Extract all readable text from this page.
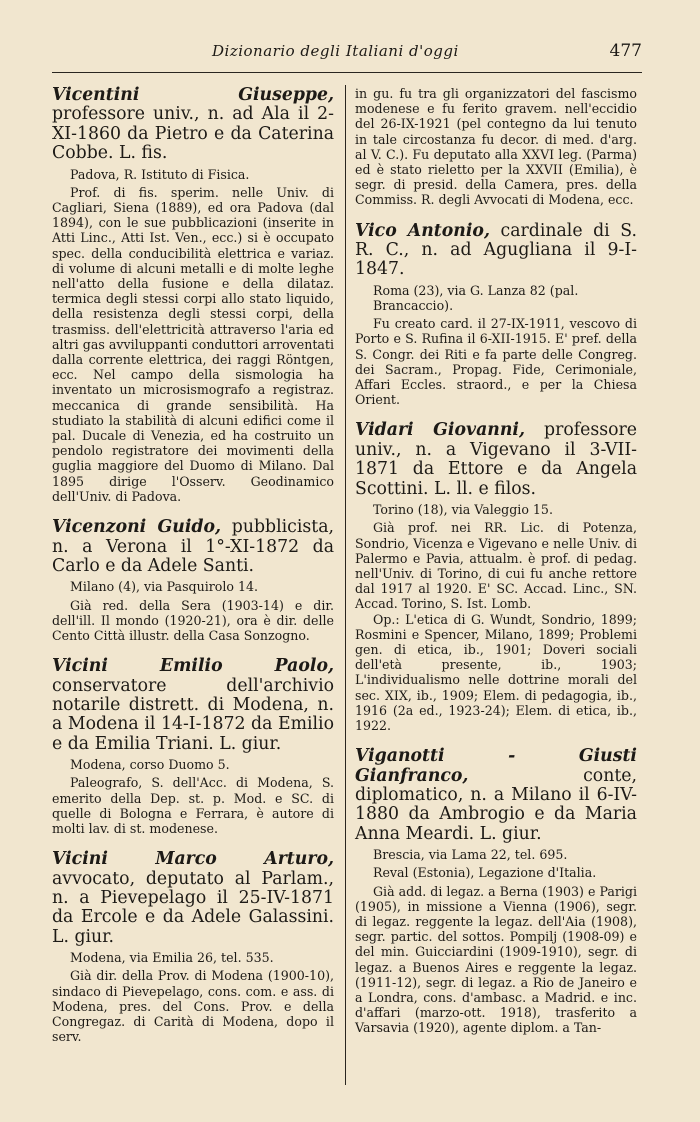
Dizionario degli Italiani d'oggi	477

Vicentini Giuseppe, professore univ., n. ad Ala il 2-XI-1860 da Pietro e da Caterina Cobbe. L. fis.

Padova, R. Istituto di Fisica.

Prof. di fis. sperim. nelle Univ. di Cagliari, Siena (1889), ed ora Padova (dal 1894), con le sue pubblicazioni (inserite in Atti Linc., Atti Ist. Ven., ecc.) si è occupato spec. della conducibilità elettrica e variaz. di volume di alcuni metalli e di molte leghe nell'atto della fusione e della dilataz. termica degli stessi corpi allo stato liquido, della resistenza degli stessi corpi, della trasmiss. dell'elettricità attraverso l'aria ed altri gas avviluppanti conduttori arroventati dalla corrente elettrica, dei raggi Röntgen, ecc. Nel campo della sismologia ha inventato un microsismografo a registraz. meccanica di grande sensibilità. Ha studiato la stabilità di alcuni edifici come il pal. Ducale di Venezia, ed ha costruito un pendolo registratore dei movimenti della guglia maggiore del Duomo di Milano. Dal 1895 dirige l'Osserv. Geodinamico dell'Univ. di Padova.

Vicenzoni Guido, pubblicista, n. a Verona il 1°-XI-1872 da Carlo e da Adele Santi.

Milano (4), via Pasquirolo 14.

Già red. della Sera (1903-14) e dir. dell'ill. Il mondo (1920-21), ora è dir. delle Cento Città illustr. della Casa Sonzogno.

Vicini Emilio Paolo, conservatore dell'archivio notarile distrett. di Modena, n. a Modena il 14-I-1872 da Emilio e da Emilia Triani. L. giur.

Modena, corso Duomo 5.

Paleografo, S. dell'Acc. di Modena, S. emerito della Dep. st. p. Mod. e SC. di quelle di Bologna e Ferrara, è autore di molti lav. di st. modenese.

Vicini Marco Arturo, avvocato, deputato al Parlam., n. a Pievepelago il 25-IV-1871 da Ercole e da Adele Galassini. L. giur.

Modena, via Emilia 26, tel. 535.

Già dir. della Prov. di Modena (1900-10), sindaco di Pievepelago, cons. com. e ass. di Modena, pres. del Cons. Prov. e della Congregaz. di Carità di Modena, dopo il serv.

in gu. fu tra gli organizzatori del fascismo modenese e fu ferito gravem. nell'eccidio del 26-IX-1921 (pel contegno da lui tenuto in tale circostanza fu decor. di med. d'arg. al V. C.). Fu deputato alla XXVI leg. (Parma) ed è stato rieletto per la XXVII (Emilia), è segr. di presid. della Camera, pres. della Commiss. R. degli Avvocati di Modena, ecc.

Vico Antonio, cardinale di S. R. C., n. ad Agugliana il 9-I-1847.

Roma (23), via G. Lanza 82 (pal. Brancaccio).

Fu creato card. il 27-IX-1911, vescovo di Porto e S. Rufina il 6-XII-1915. E' pref. della S. Congr. dei Riti e fa parte delle Congreg. dei Sacram., Propag. Fide, Cerimoniale, Affari Eccles. straord., e per la Chiesa Orient.

Vidari Giovanni, professore univ., n. a Vigevano il 3-VII-1871 da Ettore e da Angela Scottini. L. ll. e filos.

Torino (18), via Valeggio 15.

Già prof. nei RR. Lic. di Potenza, Sondrio, Vicenza e Vigevano e nelle Univ. di Palermo e Pavia, attualm. è prof. di pedag. nell'Univ. di Torino, di cui fu anche rettore dal 1917 al 1920. E' SC. Accad. Linc., SN. Accad. Torino, S. Ist. Lomb.

Op.: L'etica di G. Wundt, Sondrio, 1899; Rosmini e Spencer, Milano, 1899; Problemi gen. di etica, ib., 1901; Doveri sociali dell'età presente, ib., 1903; L'individualismo nelle dottrine morali del sec. XIX, ib., 1909; Elem. di pedagogia, ib., 1916 (2a ed., 1923-24); Elem. di etica, ib., 1922.

Viganotti - Giusti Gianfranco, conte, diplomatico, n. a Milano il 6-IV-1880 da Ambrogio e da Maria Anna Meardi. L. giur.

Brescia, via Lama 22, tel. 695.

Reval (Estonia), Legazione d'Italia.

Già add. di legaz. a Berna (1903) e Parigi (1905), in missione a Vienna (1906), segr. di legaz. reggente la legaz. dell'Aia (1908), segr. partic. del sottos. Pompilj (1908-09) e del min. Guicciardini (1909-1910), segr. di legaz. a Buenos Aires e reggente la legaz. (1911-12), segr. di legaz. a Rio de Janeiro e a Londra, cons. d'ambasc. a Madrid. e inc. d'affari (marzo-ott. 1918), trasferito a Varsavia (1920), agente diplom. a Tan-
